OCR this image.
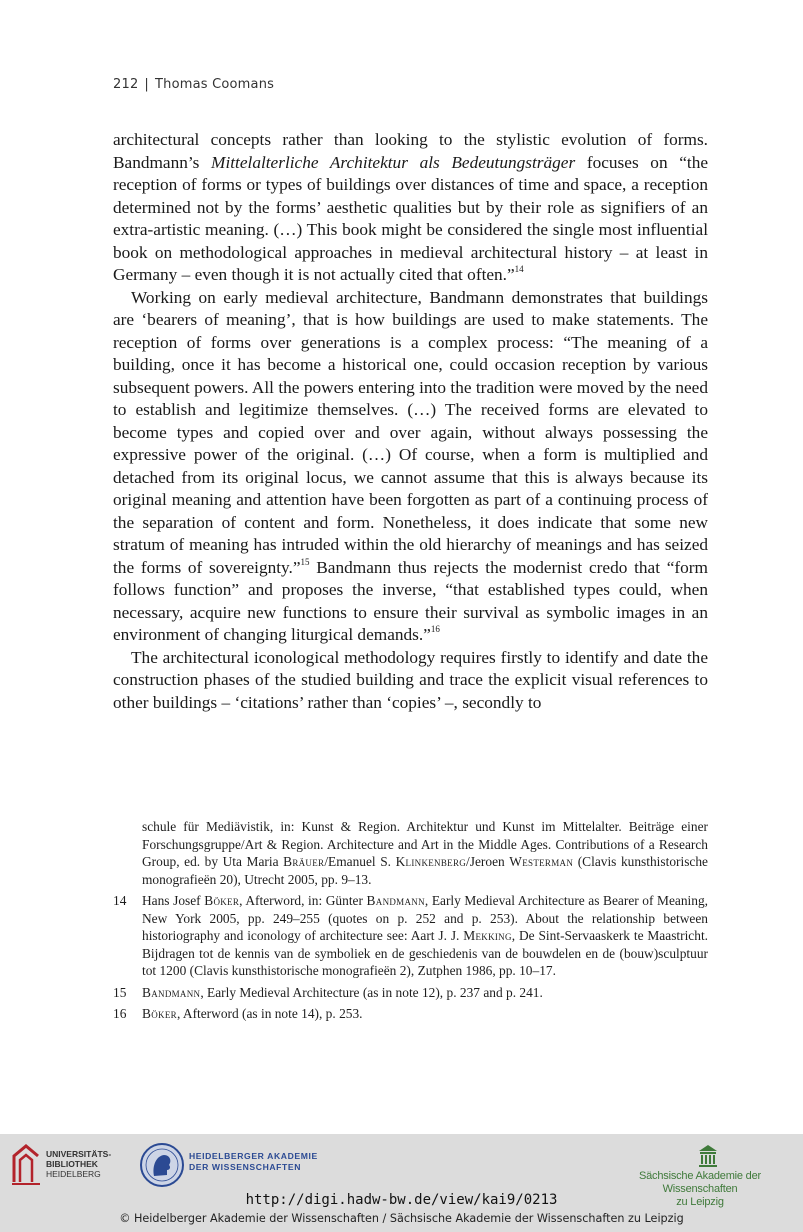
212 | Thomas Coomans

architectural concepts rather than looking to the stylistic evolution of forms. Bandmann’s Mittelalterliche Architektur als Bedeutungsträger focuses on “the reception of forms or types of buildings over distances of time and space, a reception determined not by the forms’ aesthetic qualities but by their role as signifiers of an extra-artistic meaning. (…) This book might be considered the single most influential book on methodological approaches in medieval architectural history – at least in Germany – even though it is not actually cited that often.”$^{14}$

Working on early medieval architecture, Bandmann demonstrates that buildings are ‘bearers of meaning’, that is how buildings are used to make statements. The reception of forms over generations is a complex process: “The meaning of a building, once it has become a historical one, could occasion reception by various subsequent powers. All the powers entering into the tradition were moved by the need to establish and legitimize themselves. (…) The received forms are elevated to become types and copied over and over again, without always possessing the expressive power of the original. (…) Of course, when a form is multiplied and detached from its original locus, we cannot assume that this is always because its original meaning and attention have been forgotten as part of a continuing process of the separation of content and form. Nonetheless, it does indicate that some new stratum of meaning has intruded within the old hierarchy of meanings and has seized the forms of sovereignty.”$^{15}$ Bandmann thus rejects the modernist credo that “form follows function” and proposes the inverse, “that established types could, when necessary, acquire new functions to ensure their survival as symbolic images in an environment of changing liturgical demands.”$^{16}$

The architectural iconological methodology requires firstly to identify and date the construction phases of the studied building and trace the explicit visual references to other buildings – ‘citations’ rather than ‘copies’ –, secondly to

schule für Mediävistik, in: Kunst & Region. Architektur und Kunst im Mittelalter. Beiträge einer Forschungsgruppe/Art & Region. Architecture and Art in the Middle Ages. Contributions of a Research Group, ed. by Uta Maria Bräuer/Emanuel S. Klinkenberg/Jeroen Westerman (Clavis kunsthistorische monografieën 20), Utrecht 2005, pp. 9–13.
14 Hans Josef Böker, Afterword, in: Günter Bandmann, Early Medieval Architecture as Bearer of Meaning, New York 2005, pp. 249–255 (quotes on p. 252 and p. 253). About the relationship between historiography and iconology of architecture see: Aart J. J. Mekking, De Sint-Servaaskerk te Maastricht. Bijdragen tot de kennis van de symboliek en de geschiedenis van de bouwdelen en de (bouw)sculptuur tot 1200 (Clavis kunsthistorische monografieën 2), Zutphen 1986, pp. 10–17.
15 Bandmann, Early Medieval Architecture (as in note 12), p. 237 and p. 241.
16 Böker, Afterword (as in note 14), p. 253.
UNIVERSITÄTS-
BIBLIOTHEK
HEIDELBERG
HEIDELBERGER AKADEMIE
DER WISSENSCHAFTEN
Sächsische Akademie der Wissenschaften
zu Leipzig
http://digi.hadw-bw.de/view/kai9/0213
© Heidelberger Akademie der Wissenschaften / Sächsische Akademie der Wissenschaften zu Leipzig
